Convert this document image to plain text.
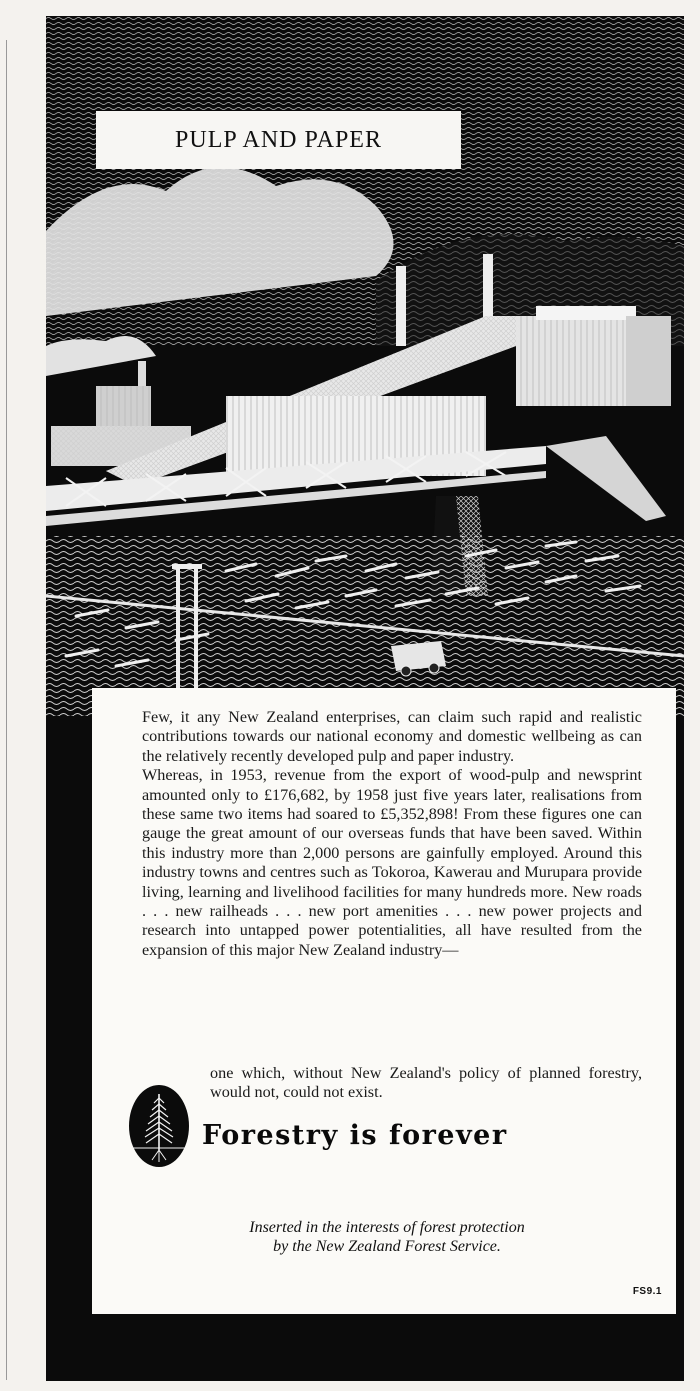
PULP AND PAPER

Few, it any New Zealand enterprises, can claim such rapid and realistic contributions towards our national economy and domestic wellbeing as can the relatively recently developed pulp and paper industry.

Whereas, in 1953, revenue from the export of wood-pulp and newsprint amounted only to £176,682, by 1958 just five years later, realisations from these same two items had soared to £5,352,898! From these figures one can gauge the great amount of our overseas funds that have been saved. Within this industry more than 2,000 persons are gainfully employed. Around this industry towns and centres such as Tokoroa, Kawerau and Murupara provide living, learning and livelihood facilities for many hundreds more. New roads . . . new railheads . . . new port amenities . . . new power projects and research into untapped power potentialities, all have resulted from the expansion of this major New Zealand industry—

one which, without New Zealand's policy of planned forestry, would not, could not exist.
Forestry is forever
Inserted in the interests of forest protection
by the New Zealand Forest Service.
FS9.1
